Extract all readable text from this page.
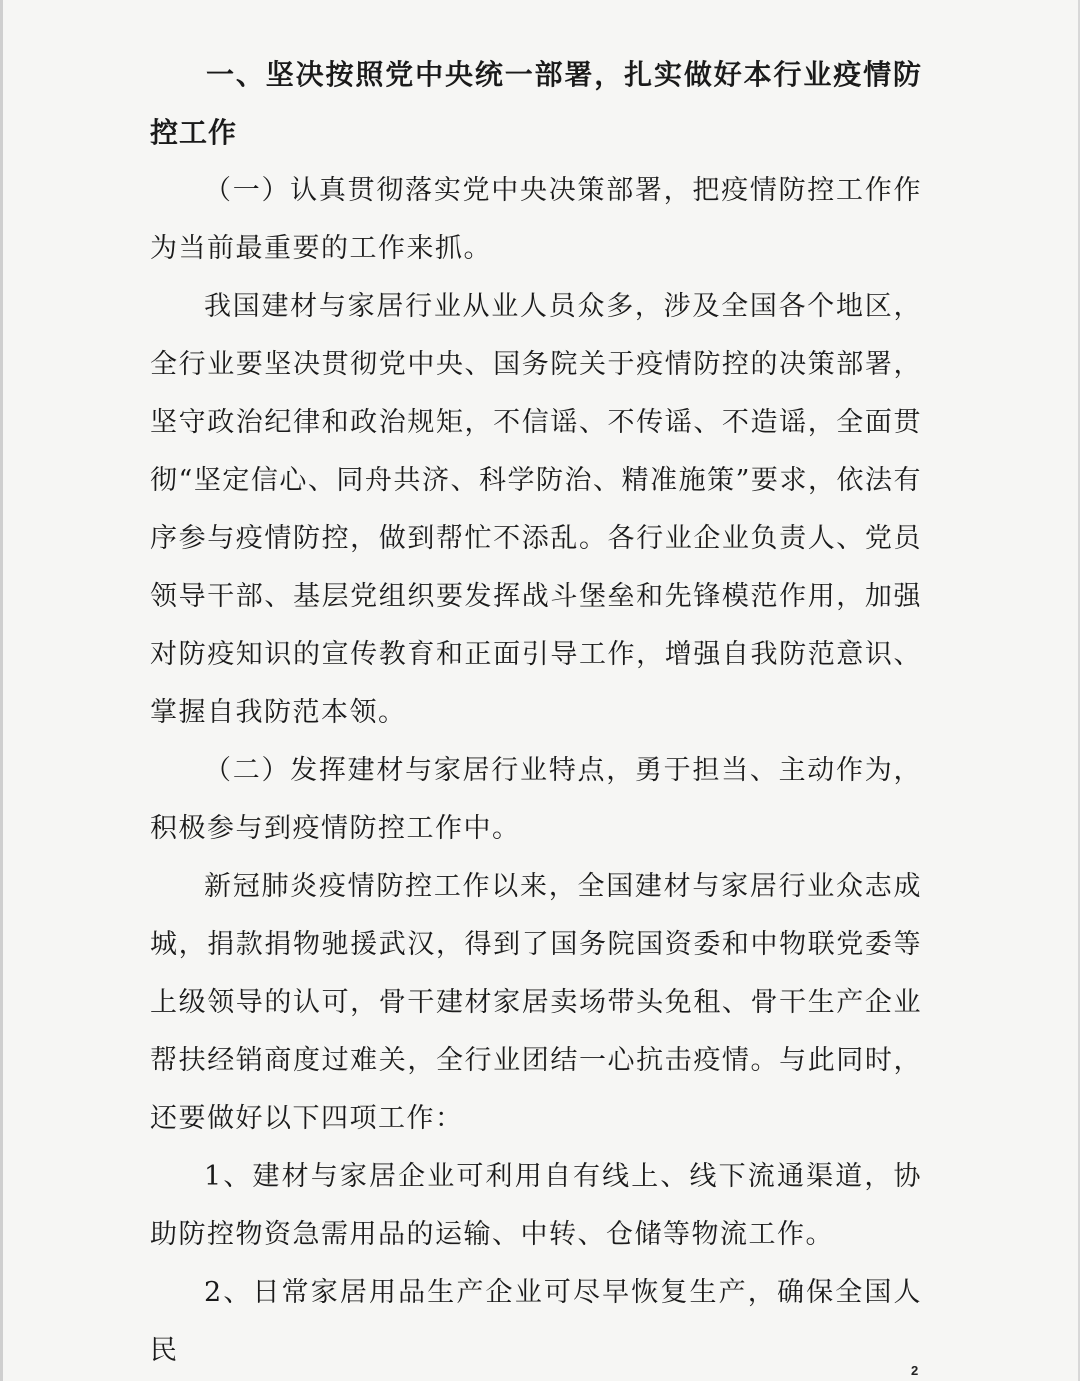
一、坚决按照党中央统一部署，扎实做好本行业疫情防控工作

（一）认真贯彻落实党中央决策部署，把疫情防控工作作为当前最重要的工作来抓。

我国建材与家居行业从业人员众多，涉及全国各个地区，全行业要坚决贯彻党中央、国务院关于疫情防控的决策部署，坚守政治纪律和政治规矩，不信谣、不传谣、不造谣，全面贯彻“坚定信心、同舟共济、科学防治、精准施策”要求，依法有序参与疫情防控，做到帮忙不添乱。各行业企业负责人、党员领导干部、基层党组织要发挥战斗堡垒和先锋模范作用，加强对防疫知识的宣传教育和正面引导工作，增强自我防范意识、掌握自我防范本领。

（二）发挥建材与家居行业特点，勇于担当、主动作为，积极参与到疫情防控工作中。

新冠肺炎疫情防控工作以来，全国建材与家居行业众志成城，捐款捐物驰援武汉，得到了国务院国资委和中物联党委等上级领导的认可，骨干建材家居卖场带头免租、骨干生产企业帮扶经销商度过难关，全行业团结一心抗击疫情。与此同时，还要做好以下四项工作：

1、建材与家居企业可利用自有线上、线下流通渠道，协助防控物资急需用品的运输、中转、仓储等物流工作。

2、日常家居用品生产企业可尽早恢复生产，确保全国人民

2
